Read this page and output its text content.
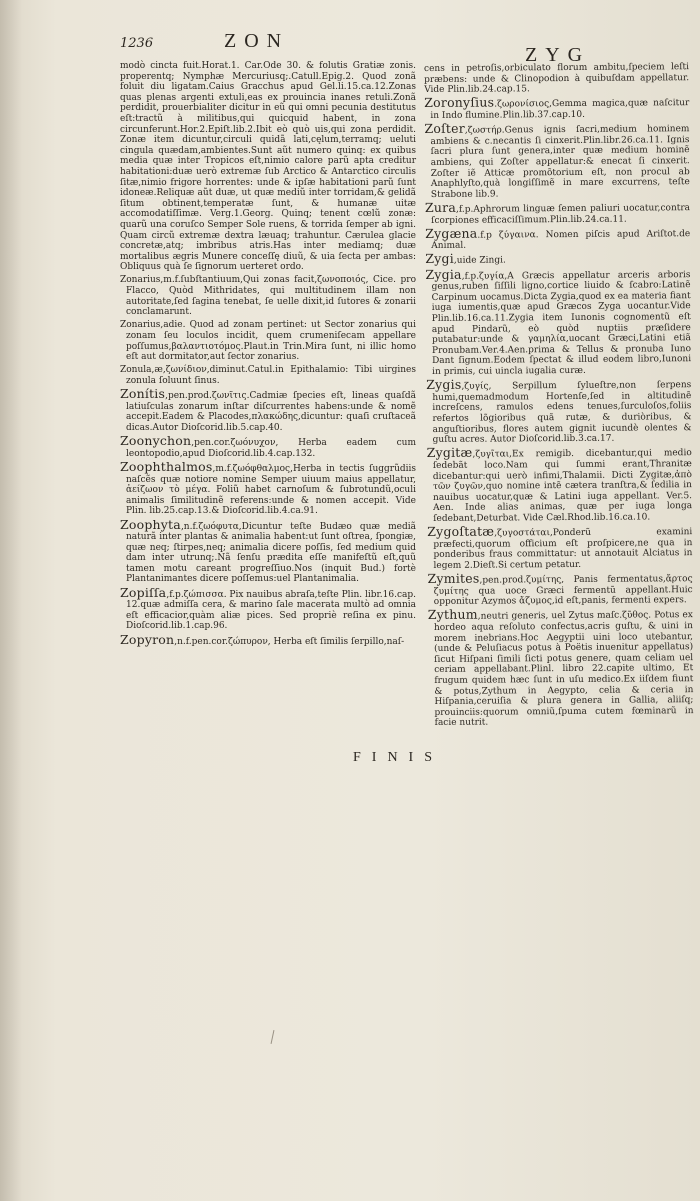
1236	ZON
ZYG

modò cinctа fuit.Horat.1. Car.Ode 30. & folutis Gratiæ zonis. properentq; Nymphæ Mercuriusq;.Catull.Epig.2. Quod zonã foluit diu ligatam.Caius Gracchus apud Gel.li.15.ca.12.Zonas quas plenas argenti extuli,eas ex prouincia inanes retuli.Zonã perdidit, prouerbialiter dicitur in eũ qui omni pecunia destitutus eſt:tractũ à militibus,qui quicquid habent, in zona circunferunt.Hor.2.Epiſt.lib.2.Ibit eò quò uis,qui zona perdidit. Zonæ item dicuntur,circuli quidã lati,cęlum,terramq; ueluti cingula quædam,ambientes.Sunt aũt numero quinq: ex quibus media quæ inter Tropicos eſt,nimio calore parũ apta creditur habitationi:duæ uerò extremæ ſub Arctico & Antarctico circulis ſitæ,nimio frigore horrentes: unde & ipſæ habitationi parũ ſunt idoneæ.Reliquæ aũt duæ, ut quæ mediũ inter torridam,& gelidã ſitum obtinent,temperatæ ſunt, & humanæ uitæ accomodatiſſimæ. Verg.1.Georg. Quinq; tenent cœlũ zonæ: quarũ una coruſco Semper Sole ruens, & torrida ſemper ab igni. Quam circũ extremæ dextra læuaq; trahuntur. Cæruleа glacie concretæ,atq; imbribus atris.Has inter mediamq; duæ mortalibus ægris Munere conceſſę diuũ, & uia ſecta per ambas: Obliquus quà ſe ſignorum uerteret ordo.

Zonarius,m.f.ſubſtantiuum,Qui zonas facit,ζωνοποιός, Cice. pro Flacco, Quòd Mithridates, qui multitudinem illam non autoritate,ſed ſagina tenebat, ſe uelle dixit,id ſutores & zonarii conclamarunt.

Zonarius,adie. Quod ad zonam pertinet: ut Sector zonarius qui zonam ſeu loculos incidit, quem crumeniſecam appellare poſſumus,βαλαντιοτόμος.Plaut.in Trin.Mira ſunt, ni illic homo eſt aut dormitator,aut ſector zonarius.

Zonula,æ,ζωνίδιον,diminut.Catul.in Epithalamio: Tibi uirgines zonula ſoluunt ſinus.

Zonítis,pen.prod.ζωνῖτις.Cadmiæ ſpecies eſt, lineas quaſdã latiuſculas zonarum inſtar diſcurrentes habens:unde & nomẽ accepit.Eadem & Placodes,πλακώδης,dicuntur: quaſi cruſtaceã dicas.Autor Dioſcorid.lib.5.cap.40.

Zoonychon,pen.cor.ζωόνυχον, Herba eadem cum leontopodio,apud Dioſcorid.lib.4.cap.132.

Zoophthalmos,m.f.ζωόφθαλμος,Herba in tectis ſuggrũdiis naſcẽs quæ notiore nomine Semper uiuum maius appellatur, ἀείζωον τὸ μέγα. Foliũ habet carnoſum & ſubrotundũ,oculi animalis ſimilitudinẽ referens:unde & nomen accepit. Vide Plin. lib.25.cap.13.& Dioſcorid.lib.4.ca.91.

Zoophyta,n.f.ζωόφυτα,Dicuntur teſte Budæo quæ mediã naturã inter plantas & animalia habent:ut ſunt oſtrea, ſpongiæ, quæ neq; ſtirpes,neq; animalia dicere poſſis, ſed medium quid dam inter utrunq;.Nã ſenſu prædita eſſe manifeſtũ eſt,quũ tamen motu careant progreſſiuo.Nos (inquit Bud.) fortè Plantanimantes dicere poſſemus:uel Plantanimalia.

Zopiſſa,f.p.ζώπισσα. Pix nauibus abraſa,teſte Plin. libr.16.cap. 12.quæ admiſſa cera, & marino ſale macerata multò ad omnia eſt efficacior,quàm aliæ pices. Sed propriè reſina ex pinu. Dioſcorid.lib.1.cap.96.

Zopyron,n.f.pen.cor.ζώπυρον, Herba eſt ſimilis ſerpillo,naſ-

cens in petroſis,orbiculato florum ambitu,ſpeciem leſti præbens: unde & Clinopodion à quibuſdam appellatur. Vide Plin.lib.24.cap.15.

Zoronyſius.ζωρονίσιος,Gemma magica,quæ naſcitur in Indo flumine.Plin.lib.37.cap.10.

Zoſter,ζωστήρ.Genus ignis ſacri,medium hominem ambiens & c.necantis ſi cinxerit.Plin.libr.26.ca.11. Ignis ſacri plura ſunt genera,inter quæ medium hominẽ ambiens, qui Zoſter appellatur:& enecat ſi cinxerit. Zoſter iẽ Atticæ promõtorium eſt, non procul ab Anaphlyſto,quà longiſſimẽ in mare excurrens, teſte Strabone lib.9.

Zura,f.p.Aphrorum linguæ ſemen paliuri uocatur,contra ſcorpiones efficaciſſimum.Plin.lib.24.ca.11.

Zygæna.f.p ζύγαινα. Nomen piſcis apud Ariſtot.de Animal.

Zygi,uide Zingi.

Zygia,f.p.ζυγία,A Græcis appellatur arceris arboris genus,ruben ſiſſili ligno,cortice liuido & ſcabro:Latinẽ Carpinum uocamus.Dicta Zygia,quod ex ea materia fiant iuga iumentis,quæ apud Græcos Zyga uocantur.Vide Plin.lib.16.ca.11.Zygia item Iunonis cognomentũ eſt apud Pindarũ, eò quòd nuptiis præſidere putabatur:unde & γαμηλία,uocant Græci,Latini etiã Pronubam.Ver.4.Aen.prima & Tellus & pronuba Iuno Dant ſignum.Eodem ſpectat & illud eodem libro,Iunoni in primis, cui uincla iugalia curæ.

Zygis,ζυγίς, Serpillum ſylueſtre,non ſerpens humi,quemadmodum Hortenſe,ſed in altitudinẽ increſcens, ramulos edens tenues,ſurculoſos,foliis refertos lõgioribus quã rutæ, & duriòribus, & anguſtioribus, flores autem gignit iucundè olentes & guſtu acres. Autor Dioſcorid.lib.3.ca.17.

Zygitæ,ζυγῖται,Ex remigib. dicebantur,qui medio ſedebãt loco.Nam qui ſummi erant,Thranitæ dicebantur:qui uerò infimi,Thalamii. Dicti Zygitæ,ἀπὸ τῶν ζυγῶν,quo nomine intẽ cætera tranſtra,& ſedilia in nauibus uocatur,quæ & Latini iuga appellant. Ver.5. Aen. Inde alias animas, quæ per iuga longa ſedebant,Deturbat. Vide Cæl.Rhod.lib.16.ca.10.

Zygoſtatæ,ζυγοστάται,Ponderũ examini præfecti,quorum officium eſt proſpicere,ne qua in ponderibus fraus committatur: ut annotauit Alciatus in legem 2.Dieſt.Si certum petatur.

Zymites,pen.prod.ζυμίτης, Panis fermentatus,ἄρτος ζυμίτης qua uoce Græci fermentũ appellant.Huic opponitur Azymos ἄζυμος,id eſt,panis, fermenti expers.

Zythum,neutri generis, uel Zytus maſc.ζῦθος. Potus ex hordeo aqua reſoluto confectus,acris guſtu, & uini in morem inebrians.Hoc Aegyptii uini loco utebantur, (unde & Peluſiacus potus à Poëtis inuenitur appellatus) ſicut Hiſpani ſimili ſicti potus genere, quam celiam uel ceriam appellabant.Plinl. libro 22.capite ultimo, Et frugum quidem hæc ſunt in uſu medico.Ex iiſdem fiunt & potus,Zythum in Aegypto, celia & ceria in Hiſpania,ceruiſia & plura genera in Gallia, aliiſq; prouinciis:quorum omniũ,ſpuma cutem fœminarũ in facie nutrit.

FINIS
